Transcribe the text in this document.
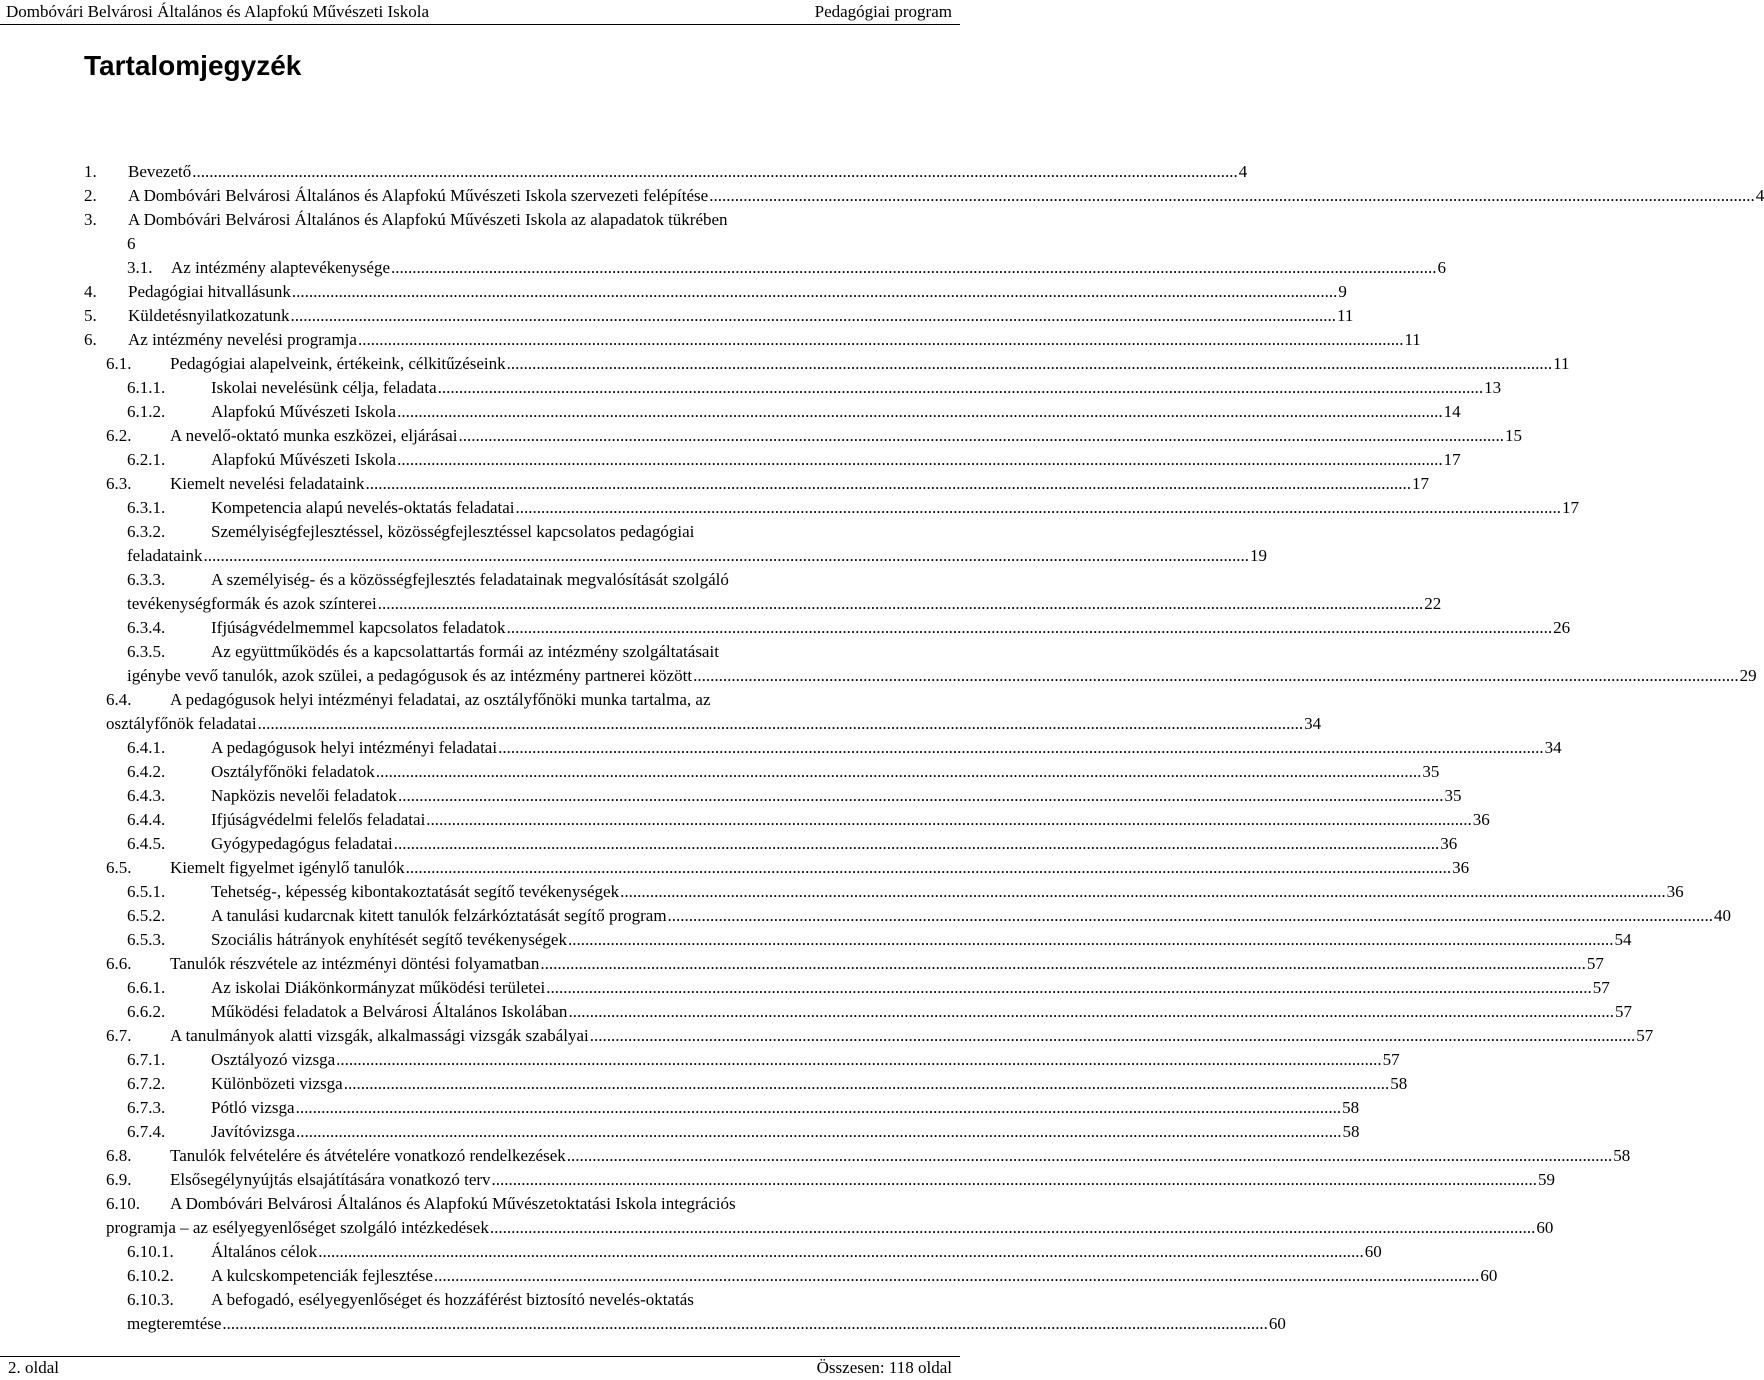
Dombóvári Belvárosi Általános és Alapfokú Művészeti Iskola	Pedagógiai program
Tartalomjegyzék
1.	Bevezető .....	4
2.	A Dombóvári Belvárosi Általános és Alapfokú Művészeti Iskola szervezeti felépítése .....	4
3.	A Dombóvári Belvárosi Általános és Alapfokú Művészeti Iskola az alapadatok tükrében
6
3.1.	Az intézmény alaptevékenysége .....	6
4.	Pedagógiai hitvallásunk .....	9
5.	Küldetésnyilatkozatunk .....	11
6.	Az intézmény nevelési programja .....	11
6.1.	Pedagógiai alapelveink, értékeink, célkitűzéseink .....	11
6.1.1.	Iskolai nevelésünk célja, feladata .....	13
6.1.2.	Alapfokú Művészeti Iskola .....	14
6.2.	A nevelő-oktató munka eszközei, eljárásai .....	15
6.2.1.	Alapfokú Művészeti Iskola .....	17
6.3.	Kiemelt nevelési feladataink .....	17
6.3.1.	Kompetencia alapú nevelés-oktatás feladatai .....	17
6.3.2.	Személyiségfejlesztéssel, közösségfejlesztéssel kapcsolatos pedagógiai
feladataink .....	19
6.3.3.	A személyiség- és a közösségfejlesztés feladatainak megvalósítását szolgáló
tevékenységformák és azok színterei .....	22
6.3.4.	Ifjúságvédelmemmel kapcsolatos feladatok .....	26
6.3.5.	Az együttműködés és a kapcsolattartás formái az intézmény szolgáltatásait
igénybe vevő tanulók, azok szülei, a pedagógusok és az intézmény partnerei között .....	29
6.4.	A pedagógusok helyi intézményi feladatai, az osztályfőnöki munka tartalma, az
osztályfőnök feladatai .....	34
6.4.1.	A pedagógusok helyi intézményi feladatai .....	34
6.4.2.	Osztályfőnöki feladatok .....	35
6.4.3.	Napközis nevelői feladatok .....	35
6.4.4.	Ifjúságvédelmi felelős feladatai .....	36
6.4.5.	Gyógypedagógus feladatai .....	36
6.5.	Kiemelt figyelmet igénylő tanulók .....	36
6.5.1.	Tehetség-, képesség kibontakoztatását segítő tevékenységek .....	36
6.5.2.	A tanulási kudarcnak kitett tanulók felzárkóztatását segítő program .....	40
6.5.3.	Szociális hátrányok enyhítését segítő tevékenységek .....	54
6.6.	Tanulók részvétele az intézményi döntési folyamatban .....	57
6.6.1.	Az iskolai Diákönkormányzat működési területei .....	57
6.6.2.	Működési feladatok a Belvárosi Általános Iskolában .....	57
6.7.	A tanulmányok alatti vizsgák, alkalmassági vizsgák szabályai .....	57
6.7.1.	Osztályozó vizsga .....	57
6.7.2.	Különbözeti vizsga .....	58
6.7.3.	Pótló vizsga .....	58
6.7.4.	Javítóvizsga .....	58
6.8.	Tanulók felvételére és átvételére vonatkozó rendelkezések .....	58
6.9.	Elsősegélynyújtás elsajátítására vonatkozó terv .....	59
6.10.	A Dombóvári Belvárosi Általános és Alapfokú Művészetoktatási Iskola integrációs
programja – az esélyegyenlőséget szolgáló intézkedések .....	60
6.10.1.	Általános célok .....	60
6.10.2.	A kulcskompetenciák fejlesztése .....	60
6.10.3.	A befogadó, esélyegyenlőséget és hozzáférést biztosító nevelés-oktatás
megteremtése .....	60
2. oldal	Összesen: 118 oldal
